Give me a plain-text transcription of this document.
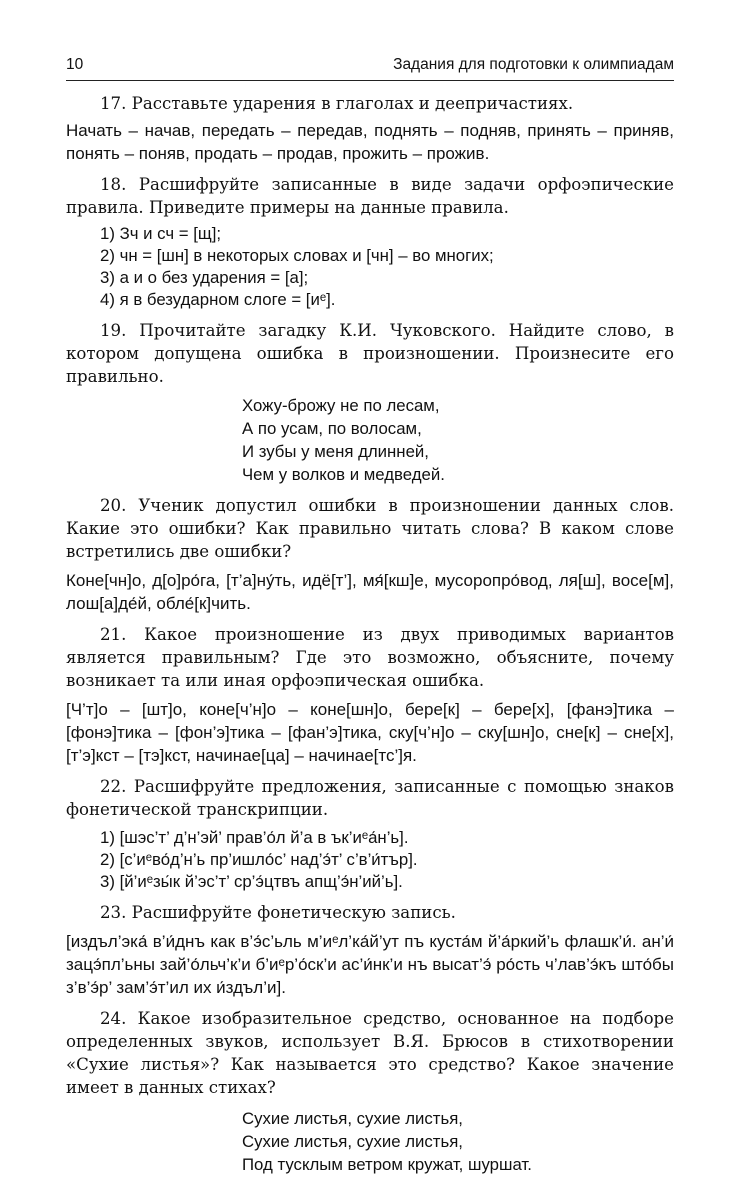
10	Задания для подготовки к олимпиадам

17. Расставьте ударения в глаголах и деепричастиях.

Начать – начав, передать – передав, поднять – подняв, принять – приняв, понять – поняв, продать – продав, прожить – прожив.

18. Расшифруйте записанные в виде задачи орфоэпические правила. Приведите примеры на данные правила.

1) Зч и сч = [щ];
2) чн = [шн] в некоторых словах и [чн] – во многих;
3) а и о без ударения = [а];
4) я в безударном слоге = [иᵉ].

19. Прочитайте загадку К.И. Чуковского. Найдите слово, в котором допущена ошибка в произношении. Произнесите его правильно.

Хожу-брожу не по лесам,
А по усам, по волосам,
И зубы у меня длинней,
Чем у волков и медведей.

20. Ученик допустил ошибки в произношении данных слов. Какие это ошибки? Как правильно читать слова? В каком слове встретились две ошибки?

Коне[чн]о, д[о]ро́га, [т’а]ну́ть, идё[т’], мя́[кш]е, мусоропро́вод, ля[ш], восе[м], лош[а]де́й, обле́[к]чить.

21. Какое произношение из двух приводимых вариантов является правильным? Где это возможно, объясните, почему возникает та или иная орфоэпическая ошибка.

[Ч’т]о – [шт]о, коне[ч’н]о – коне[шн]о, бере[к] – бере[х], [фанэ]тика – [фонэ]тика – [фон’э]тика – [фан’э]тика, ску[ч’н]о – ску[шн]о, сне[к] – сне[х], [т’э]кст – [тэ]кст, начинае[ца] – начинае[тс’]я.

22. Расшифруйте предложения, записанные с помощью знаков фонетической транскрипции.

1) [шэс’т’ д’н’эй’ прав’о́л й’а в ък’иᵉа́н’ь].
2) [с’иᵉво́д’н’ь пр’ишло́с’ над’э́т’ с’в’и́тър].
3) [й’иᵉзы́к й’эс’т’ ср’э́цтвъ апщ’э́н’ий’ь].

23. Расшифруйте фонетическую запись.

[издъл’эка́ в’и́днъ как в’э́с’ьль м’иᵉл’ка́й’ут пъ куста́м й’а́ркий’ь флашк’и́. ан’и́ зацэ́пл’ьны зай’о́льч’к’и б’иᵉр’о́ск’и ас’и́нк’и нъ высат’э́ ро́сть ч’лав’э́къ што́бы з’в’э́р’ зам’э́т’ил их и́здъл’и].

24. Какое изобразительное средство, основанное на подборе определенных звуков, использует В.Я. Брюсов в стихотворении «Сухие листья»? Как называется это средство? Какое значение имеет в данных стихах?

Сухие листья, сухие листья,
Сухие листья, сухие листья,
Под тусклым ветром кружат, шуршат.
